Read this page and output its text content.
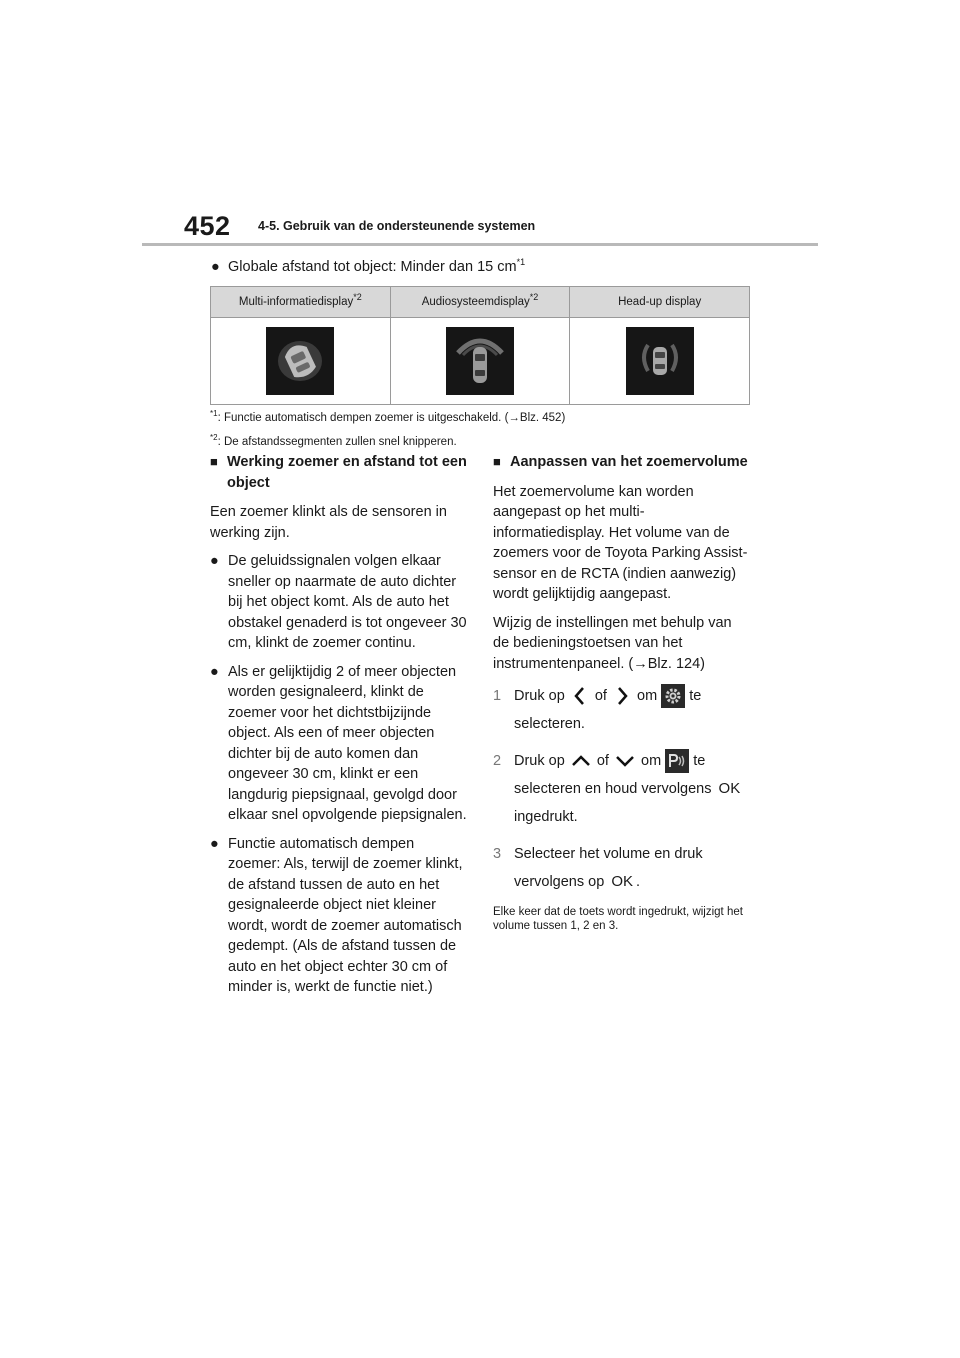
452 4-5. Gebruik van de ondersteunende systemen
● Globale afstand tot object: Minder dan 15 $cm^{*1}$
Multi-informatiedisplay$^{*2}$	Audiosysteemdisplay$^{*2}$	Head-up display

$^{*1}$: Functie automatisch dempen zoemer is uitgeschakeld. (→Blz. 452)
$^{*2}$: De afstandssegmenten zullen snel knipperen.
■ Werking zoemer en afstand tot een object
Een zoemer klinkt als de sensoren in werking zijn.
● De geluidssignalen volgen elkaar sneller op naarmate de auto dichter bij het object komt. Als de auto het obstakel genaderd is tot ongeveer 30 cm, klinkt de zoemer continu.
● Als er gelijktijdig 2 of meer objecten worden gesignaleerd, klinkt de zoemer voor het dichtstbijzijnde object. Als een of meer objecten dichter bij de auto komen dan ongeveer 30 cm, klinkt er een langdurig piepsignaal, gevolgd door elkaar snel opvolgende piepsignalen.
● Functie automatisch dempen zoemer: Als, terwijl de zoemer klinkt, de afstand tussen de auto en het gesignaleerde object niet kleiner wordt, wordt de zoemer automatisch gedempt. (Als de afstand tussen de auto en het object echter 30 cm of minder is, werkt de functie niet.)
■ Aanpassen van het zoemervolume
Het zoemervolume kan worden aangepast op het multi-informatiedisplay. Het volume van de zoemers voor de Toyota Parking Assist-sensor en de RCTA (indien aanwezig) wordt gelijktijdig aangepast.
Wijzig de instellingen met behulp van de bedieningstoetsen van het instrumentenpaneel. (→Blz. 124)
1 Druk op of om te
selecteren.
2 Druk op of om te
selecteren en houd vervolgens OK
ingedrukt.
3 Selecteer het volume en druk vervolgens op OK .
Elke keer dat de toets wordt ingedrukt, wijzigt het volume tussen 1, 2 en 3.
